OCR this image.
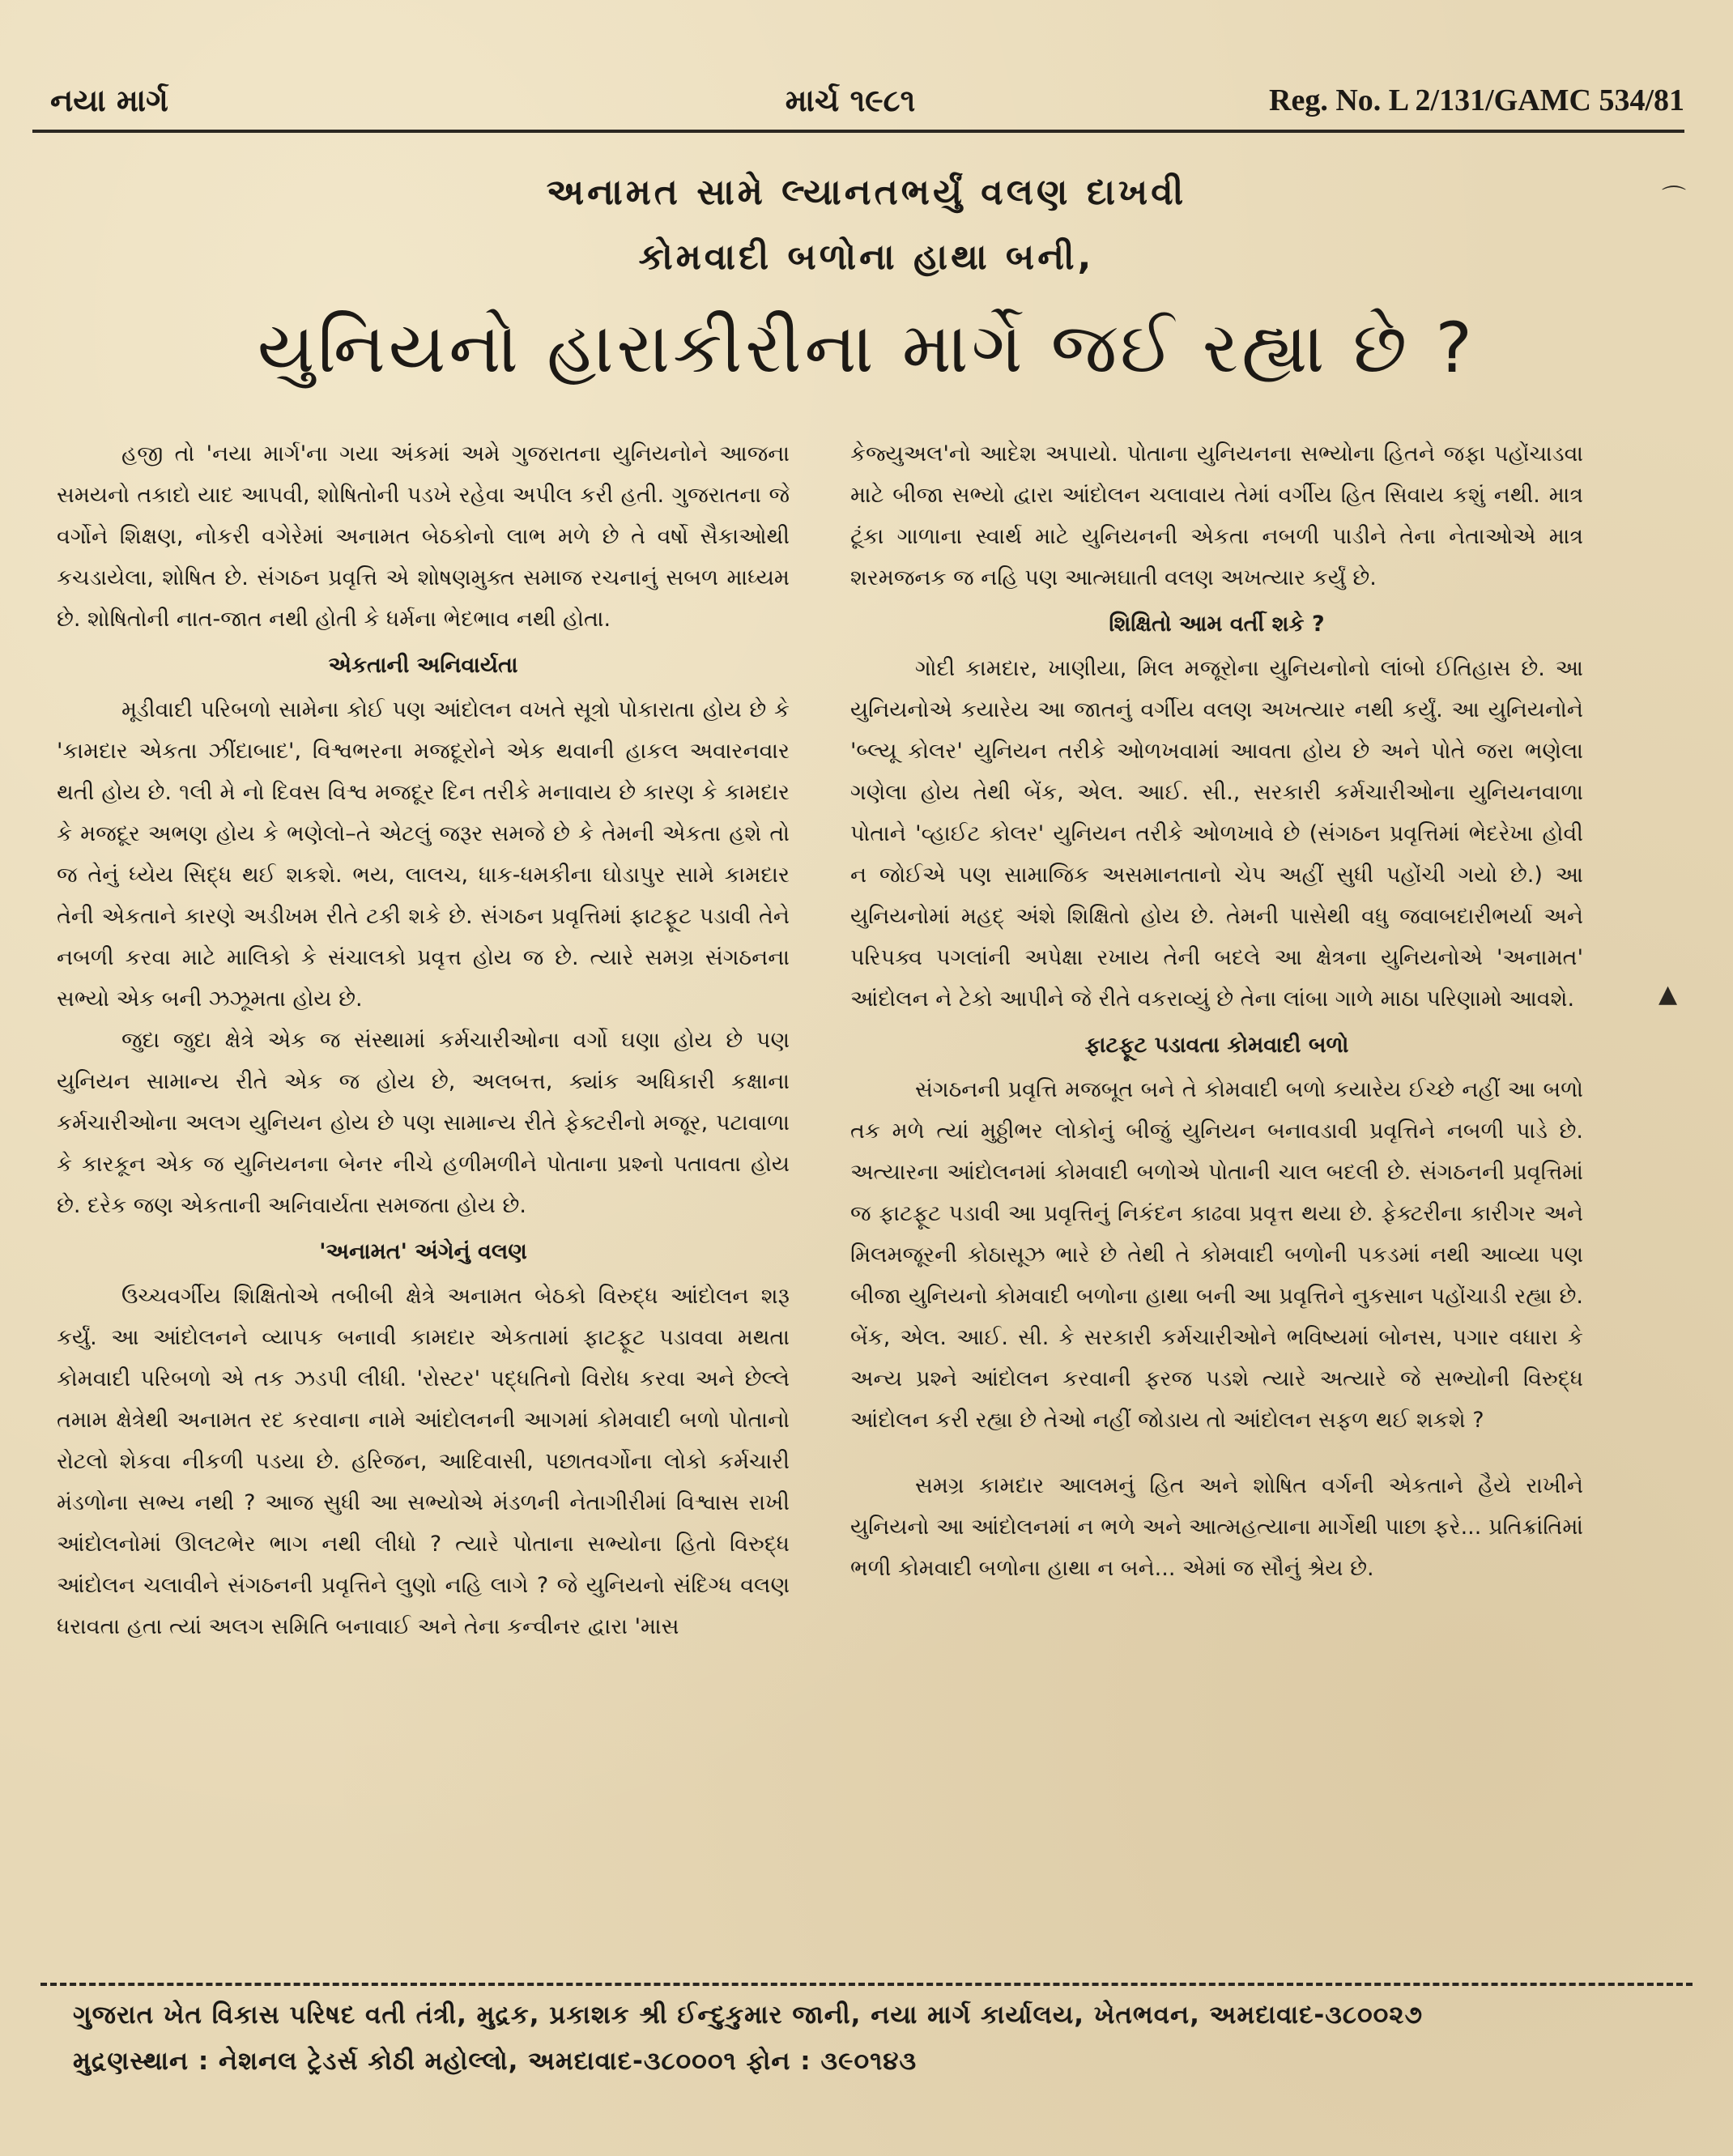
નયા માર્ગ	માર્ચ ૧૯૮૧	Reg. No. L 2/131/GAMC 534/81
અનામત સામે લ્યાનતભર્યું વલણ દાખવી
કોમવાદી બળોના હાથા બની,
યુનિયનો હારાકીરીના માર્ગે જઈ રહ્યા છે ?

હજી તો 'નયા માર્ગ'ના ગયા અંકમાં અમે ગુજરાતના યુનિયનોને આજના સમયનો તકાદો યાદ આપવી, શોષિતોની પડખે રહેવા અપીલ કરી હતી. ગુજરાતના જે વર્ગોને શિક્ષણ, નોકરી વગેરેમાં અનામત બેઠકોનો લાભ મળે છે તે વર્ષો સૈકાઓથી કચડાયેલા, શોષિત છે. સંગઠન પ્રવૃત્તિ એ શોષણમુક્ત સમાજ રચનાનું સબળ માધ્યમ છે. શોષિતોની નાત-જાત નથી હોતી કે ધર્મના ભેદભાવ નથી હોતા.

એકતાની અનિવાર્યતા

મૂડીવાદી પરિબળો સામેના કોઈ પણ આંદોલન વખતે સૂત્રો પોકારાતા હોય છે કે 'કામદાર એકતા ઝીંદાબાદ', વિશ્વભરના મજદૂરોને એક થવાની હાકલ અવારનવાર થતી હોય છે. ૧લી મે નો દિવસ વિશ્વ મજદૂર દિન તરીકે મનાવાય છે કારણ કે કામદાર કે મજદૂર અભણ હોય કે ભણેલો–તે એટલું જરૂર સમજે છે કે તેમની એકતા હશે તો જ તેનું ધ્યેય સિદ્ધ થઈ શકશે. ભય, લાલચ, ધાક-ધમકીના ઘોડાપુર સામે કામદાર તેની એકતાને કારણે અડીખમ રીતે ટકી શકે છે. સંગઠન પ્રવૃત્તિમાં ફાટફૂટ પડાવી તેને નબળી કરવા માટે માલિકો કે સંચાલકો પ્રવૃત્ત હોય જ છે. ત્યારે સમગ્ર સંગઠનના સભ્યો એક બની ઝઝૂમતા હોય છે.

જુદા જુદા ક્ષેત્રે એક જ સંસ્થામાં કર્મચારીઓના વર્ગો ઘણા હોય છે પણ યુનિયન સામાન્ય રીતે એક જ હોય છે, અલબત્ત, ક્યાંક અધિકારી કક્ષાના કર્મચારીઓના અલગ યુનિયન હોય છે પણ સામાન્ય રીતે ફેક્ટરીનો મજૂર, પટાવાળા કે કારકૂન એક જ યુનિયનના બેનર નીચે હળીમળીને પોતાના પ્રશ્નો પતાવતા હોય છે. દરેક જણ એકતાની અનિવાર્યતા સમજતા હોય છે.

'અનામત' અંગેનું વલણ

ઉચ્ચવર્ગીય શિક્ષિતોએ તબીબી ક્ષેત્રે અનામત બેઠકો વિરુદ્ધ આંદોલન શરૂ કર્યું. આ આંદોલનને વ્યાપક બનાવી કામદાર એકતામાં ફાટફૂટ પડાવવા મથતા કોમવાદી પરિબળો એ તક ઝડપી લીધી. 'રોસ્ટર' પદ્ધતિનો વિરોધ કરવા અને છેલ્લે તમામ ક્ષેત્રેથી અનામત રદ કરવાના નામે આંદોલનની આગમાં કોમવાદી બળો પોતાનો રોટલો શેકવા નીકળી પડયા છે. હરિજન, આદિવાસી, પછાતવર્ગોના લોકો કર્મચારી મંડળોના સભ્ય નથી ? આજ સુધી આ સભ્યોએ મંડળની નેતાગીરીમાં વિશ્વાસ રાખી આંદોલનોમાં ઊલટભેર ભાગ નથી લીધો ? ત્યારે પોતાના સભ્યોના હિતો વિરુદ્ધ આંદોલન ચલાવીને સંગઠનની પ્રવૃત્તિને લુણો નહિ લાગે ? જે યુનિયનો સંદિગ્ધ વલણ ધરાવતા હતા ત્યાં અલગ સમિતિ બનાવાઈ અને તેના કન્વીનર દ્વારા 'માસ

કેજ્યુઅલ'નો આદેશ અપાયો. પોતાના યુનિયનના સભ્યોના હિતને જફા પહોંચાડવા માટે બીજા સભ્યો દ્વારા આંદોલન ચલાવાય તેમાં વર્ગીય હિત સિવાય કશું નથી. માત્ર ટૂંકા ગાળાના સ્વાર્થ માટે યુનિયનની એકતા નબળી પાડીને તેના નેતાઓએ માત્ર શરમજનક જ નહિ પણ આત્મઘાતી વલણ અખત્યાર કર્યું છે.

શિક્ષિતો આમ વર્તી શકે ?

ગોદી કામદાર, ખાણીયા, મિલ મજૂરોના યુનિયનોનો લાંબો ઈતિહાસ છે. આ યુનિયનોએ કયારેય આ જાતનું વર્ગીય વલણ અખત્યાર નથી કર્યું. આ યુનિયનોને 'બ્લ્યૂ કોલર' યુનિયન તરીકે ઓળખવામાં આવતા હોય છે અને પોતે જરા ભણેલા ગણેલા હોય તેથી બેંક, એલ. આઈ. સી., સરકારી કર્મચારીઓના યુનિયનવાળા પોતાને 'વ્હાઈટ કોલર' યુનિયન તરીકે ઓળખાવે છે (સંગઠન પ્રવૃત્તિમાં ભેદરેખા હોવી ન જોઈએ પણ સામાજિક અસમાનતાનો ચેપ અહીં સુધી પહોંચી ગયો છે.) આ યુનિયનોમાં મહદ્ અંશે શિક્ષિતો હોય છે. તેમની પાસેથી વધુ જવાબદારીભર્યા અને પરિપક્વ પગલાંની અપેક્ષા રખાય તેની બદલે આ ક્ષેત્રના યુનિયનોએ 'અનામત' આંદોલન ને ટેકો આપીને જે રીતે વકરાવ્યું છે તેના લાંબા ગાળે માઠા પરિણામો આવશે.

ફાટફૂટ પડાવતા કોમવાદી બળો

સંગઠનની પ્રવૃત્તિ મજબૂત બને તે કોમવાદી બળો કયારેય ઈચ્છે નહીં આ બળો તક મળે ત્યાં મુઠ્ઠીભર લોકોનું બીજું યુનિયન બનાવડાવી પ્રવૃત્તિને નબળી પાડે છે. અત્યારના આંદોલનમાં કોમવાદી બળોએ પોતાની ચાલ બદલી છે. સંગઠનની પ્રવૃત્તિમાં જ ફાટફૂટ પડાવી આ પ્રવૃત્તિનું નિકંદન કાઢવા પ્રવૃત્ત થયા છે. ફેક્ટરીના કારીગર અને મિલમજૂરની કોઠાસૂઝ ભારે છે તેથી તે કોમવાદી બળોની પકડમાં નથી આવ્યા પણ બીજા યુનિયનો કોમવાદી બળોના હાથા બની આ પ્રવૃત્તિને નુકસાન પહોંચાડી રહ્યા છે. બેંક, એલ. આઈ. સી. કે સરકારી કર્મચારીઓને ભવિષ્યમાં બોનસ, પગાર વધારા કે અન્ય પ્રશ્ને આંદોલન કરવાની ફરજ પડશે ત્યારે અત્યારે જે સભ્યોની વિરુદ્ધ આંદોલન કરી રહ્યા છે તેઓ નહીં જોડાય તો આંદોલન સફળ થઈ શકશે ?

સમગ્ર કામદાર આલમનું હિત અને શોષિત વર્ગની એકતાને હૈયે રાખીને યુનિયનો આ આંદોલનમાં ન ભળે અને આત્મહત્યાના માર્ગેથી પાછા ફરે... પ્રતિક્રાંતિમાં ભળી કોમવાદી બળોના હાથા ન બને... એમાં જ સૌનું શ્રેય છે.

ગુજરાત ખેત વિકાસ પરિષદ વતી તંત્રી, મુદ્રક, પ્રકાશક શ્રી ઈન્દુકુમાર જાની, નયા માર્ગ કાર્યાલય, ખેતભવન, અમદાવાદ-૩૮૦૦૨૭
મુદ્રણસ્થાન : નેશનલ ટ્રેડર્સ કોઠી મહોલ્લો, અમદાવાદ-૩૮૦૦૦૧ ફોન : ૩૯૦૧૪૩
⌒
▲
